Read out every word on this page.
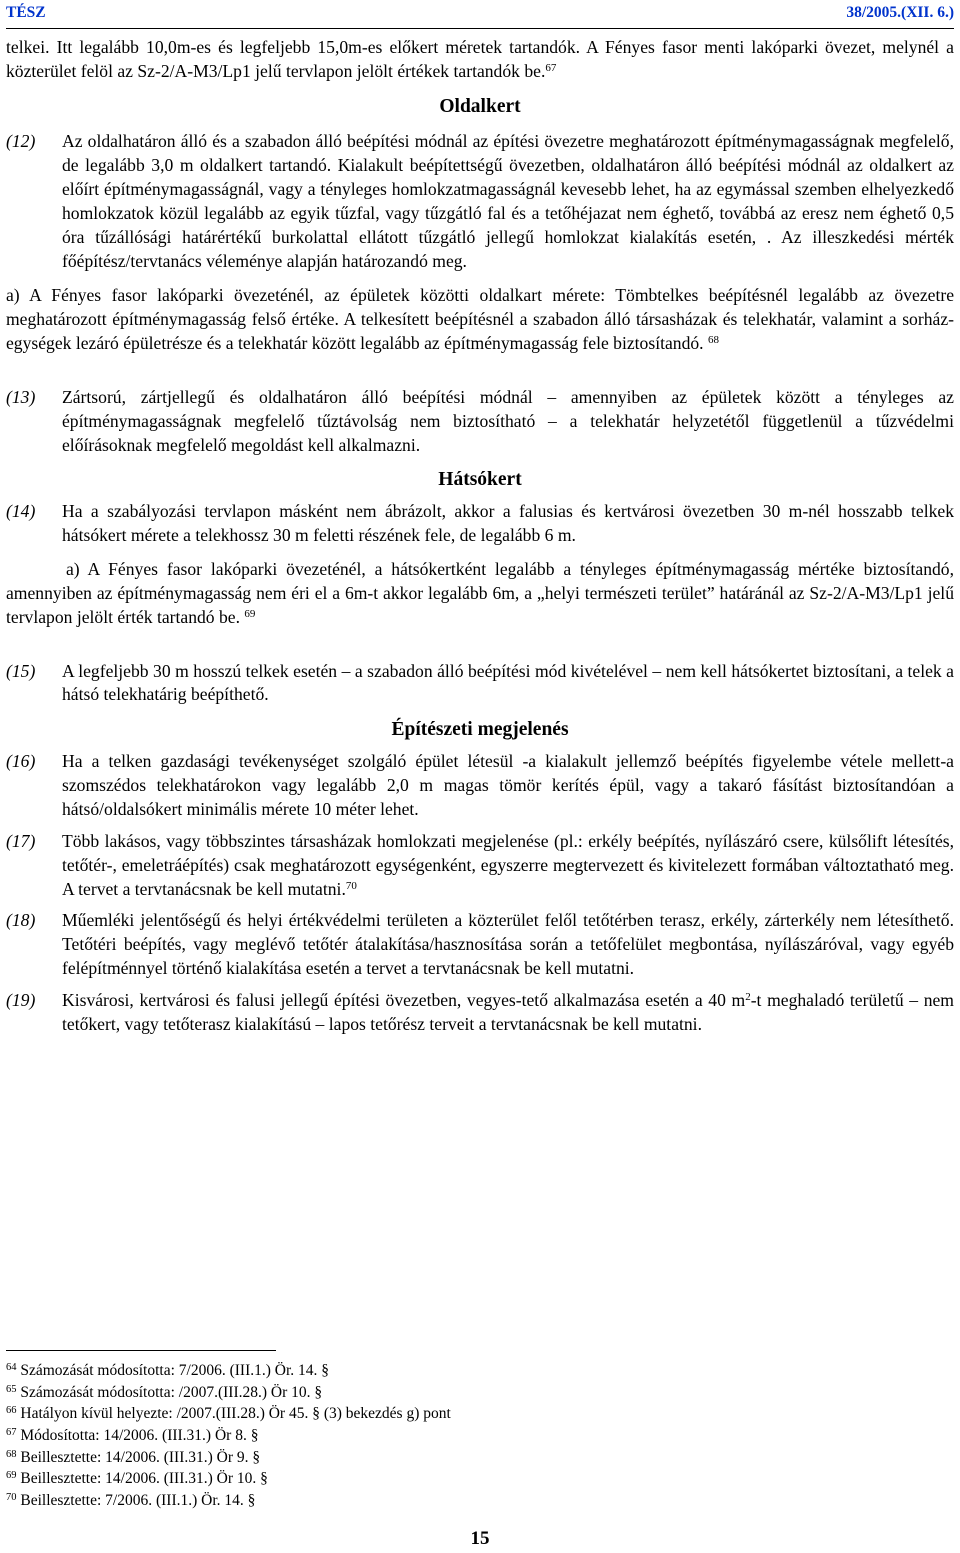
TÉSZ	38/2005.(XII. 6.)

telkei. Itt legalább 10,0m-es és legfeljebb 15,0m-es előkert méretek tartandók. A Fényes fasor menti lakóparki övezet, melynél a közterület felöl az Sz-2/A-M3/Lp1 jelű tervlapon jelölt értékek tartandók be.$^{67}$

Oldalkert

(12)	Az oldalhatáron álló és a szabadon álló beépítési módnál az építési övezetre meghatározott építménymagasságnak megfelelő, de legalább 3,0 m oldalkert tartandó. Kialakult beépítettségű övezetben, oldalhatáron álló beépítési módnál az oldalkert az előírt építménymagasságnál, vagy a tényleges homlokzatmagasságnál kevesebb lehet, ha az egymással szemben elhelyezkedő homlokzatok közül legalább az egyik tűzfal, vagy tűzgátló fal és a tetőhéjazat nem éghető, továbbá az eresz nem éghető 0,5 óra tűzállósági határértékű burkolattal ellátott tűzgátló jellegű homlokzat kialakítás esetén, . Az illeszkedési mérték főépítész/tervtanács véleménye alapján határozandó meg.

a) A Fényes fasor lakóparki övezeténél, az épületek közötti oldalkart mérete: Tömbtelkes beépítésnél legalább az övezetre meghatározott építménymagasság felső értéke. A telkesített beépítésnél a szabadon álló társasházak és telekhatár, valamint a sorház-egységek lezáró épületrésze és a telekhatár között legalább az építménymagasság fele biztosítandó. $^{68}$

(13)	Zártsorú, zártjellegű és oldalhatáron álló beépítési módnál – amennyiben az épületek között a tényleges az építménymagasságnak megfelelő tűztávolság nem biztosítható – a telekhatár helyzetétől függetlenül a tűzvédelmi előírásoknak megfelelő megoldást kell alkalmazni.

Hátsókert

(14)	Ha a szabályozási tervlapon másként nem ábrázolt, akkor a falusias és kertvárosi övezetben 30 m-nél hosszabb telkek hátsókert mérete a telekhossz 30 m feletti részének fele, de legalább 6 m.

a) A Fényes fasor lakóparki övezeténél, a hátsókertként legalább a tényleges építménymagasság mértéke biztosítandó, amennyiben az építménymagasság nem éri el a 6m-t akkor legalább 6m, a „helyi természeti terület” határánál az Sz-2/A-M3/Lp1 jelű tervlapon jelölt érték tartandó be. $^{69}$

(15)	A legfeljebb 30 m hosszú telkek esetén – a szabadon álló beépítési mód kivételével – nem kell hátsókertet biztosítani, a telek a hátsó telekhatárig beépíthető.

Építészeti megjelenés

(16)	Ha a telken gazdasági tevékenységet szolgáló épület létesül -a kialakult jellemző beépítés figyelembe vétele mellett-a szomszédos telekhatárokon vagy legalább 2,0 m magas tömör kerítés épül, vagy a takaró fásítást biztosítandóan a hátsó/oldalsókert minimális mérete 10 méter lehet.
(17)	Több lakásos, vagy többszintes társasházak homlokzati megjelenése (pl.: erkély beépítés, nyílászáró csere, külsőlift létesítés, tetőtér-, emeletráépítés) csak meghatározott egységenként, egyszerre megtervezett és kivitelezett formában változtatható meg. A tervet a tervtanácsnak be kell mutatni.$^{70}$
(18)	Műemléki jelentőségű és helyi értékvédelmi területen a közterület felől tetőtérben terasz, erkély, zárterkély nem létesíthető. Tetőtéri beépítés, vagy meglévő tetőtér átalakítása/hasznosítása során a tetőfelület megbontása, nyílászáróval, vagy egyéb felépítménnyel történő kialakítása esetén a tervet a tervtanácsnak be kell mutatni.
(19)	Kisvárosi, kertvárosi és falusi jellegű építési övezetben, vegyes-tető alkalmazása esetén a 40 $m^2-t$ meghaladó területű – nem tetőkert, vagy tetőterasz kialakítású – lapos tetőrész terveit a tervtanácsnak be kell mutatni.
$^{64}$ Számozását módosította: 7/2006. (III.1.) Ör. 14. §
$^{65}$ Számozását módosította: /2007.(III.28.) Ör 10. §
$^{66}$ Hatályon kívül helyezte: /2007.(III.28.) Ör 45. § (3) bekezdés g) pont
$^{67}$ Módosította: 14/2006. (III.31.) Ör 8. §
$^{68}$ Beillesztette: 14/2006. (III.31.) Ör 9. §
$^{69}$ Beillesztette: 14/2006. (III.31.) Ör 10. §
$^{70}$ Beillesztette: 7/2006. (III.1.) Ör. 14. §
15
